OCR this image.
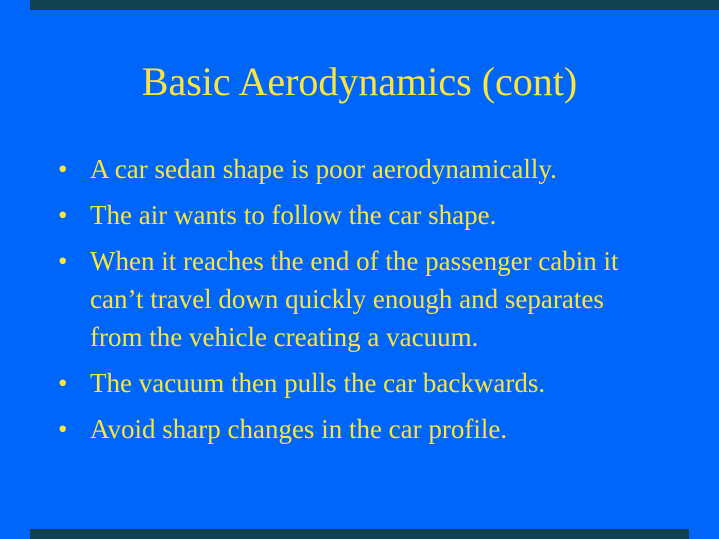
Basic Aerodynamics (cont)
• A car sedan shape is poor aerodynamically.
• The air wants to follow the car shape.
• When it reaches the end of the passenger cabin it can’t travel down quickly enough and separates from the vehicle creating a vacuum.
• The vacuum then pulls the car backwards.
• Avoid sharp changes in the car profile.
